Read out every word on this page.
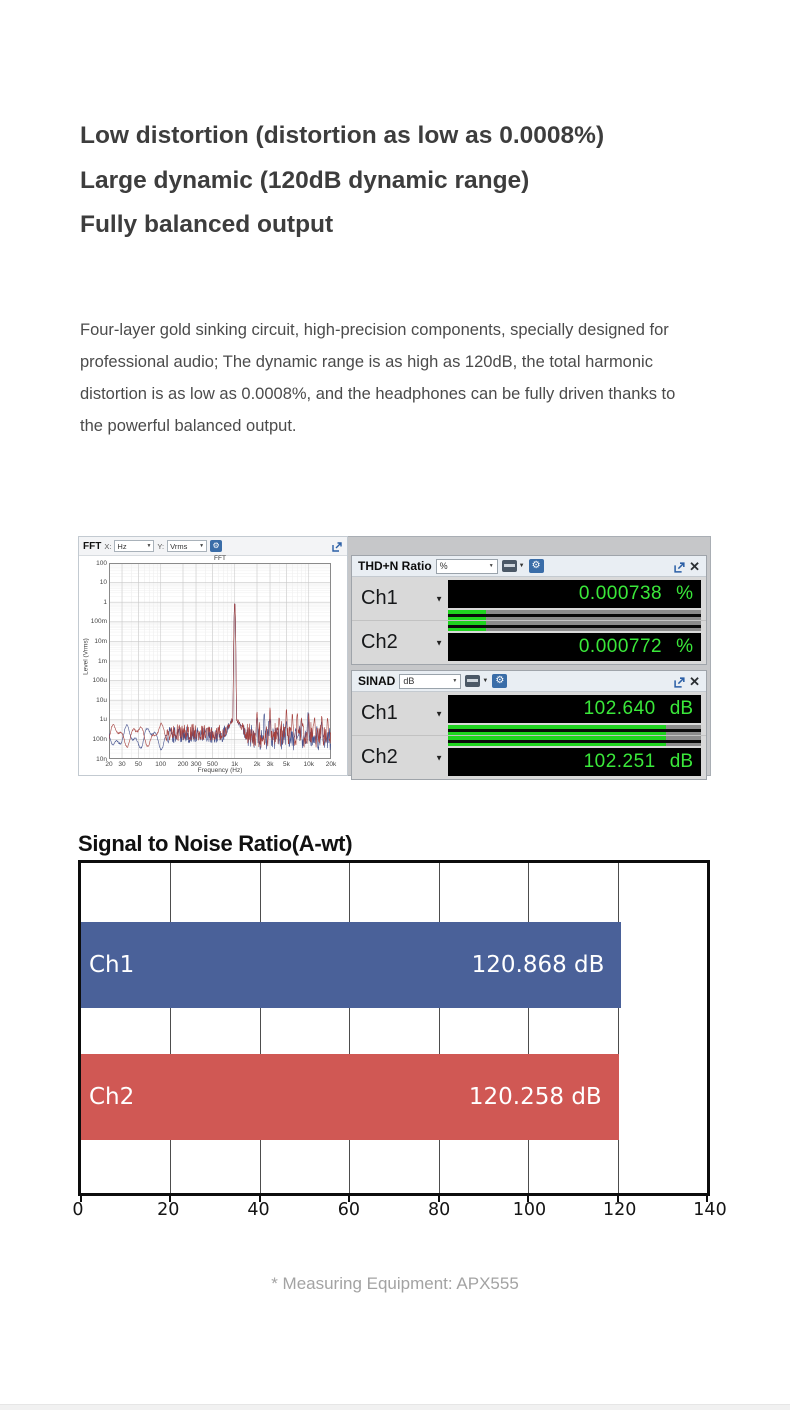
Low distortion (distortion as low as 0.0008%)
Large dynamic (120dB dynamic range)
Fully balanced output

Four-layer gold sinking circuit, high-precision components, specially designed for professional audio; The dynamic range is as high as 120dB, the total harmonic distortion is as low as 0.0008%, and the headphones can be fully driven thanks to the powerful balanced output.

FFT X: Hz	▼ Y: Vrms ▼	⚙
FFT
100
10
1
100m
10m
1m
100u
10u
1u
100n
10n
20 30 50 100 200 300 500 1k 2k 3k 5k 10k 20k
Level (Vrms)
Frequency (Hz)
THD+N Ratio %	▼	▼ ⚙	✕
Ch1	▼	0.000738 %
Ch2	▼	0.000772 %
SINAD dB	▼	▼ ⚙	✕
Ch1	▼	102.640 dB
Ch2	▼	102.251 dB
Signal to Noise Ratio(A-wt)
Ch1	120.868 dB
Ch2	120.258 dB
0	20	40	60	80	100	120	140
* Measuring Equipment: APX555
